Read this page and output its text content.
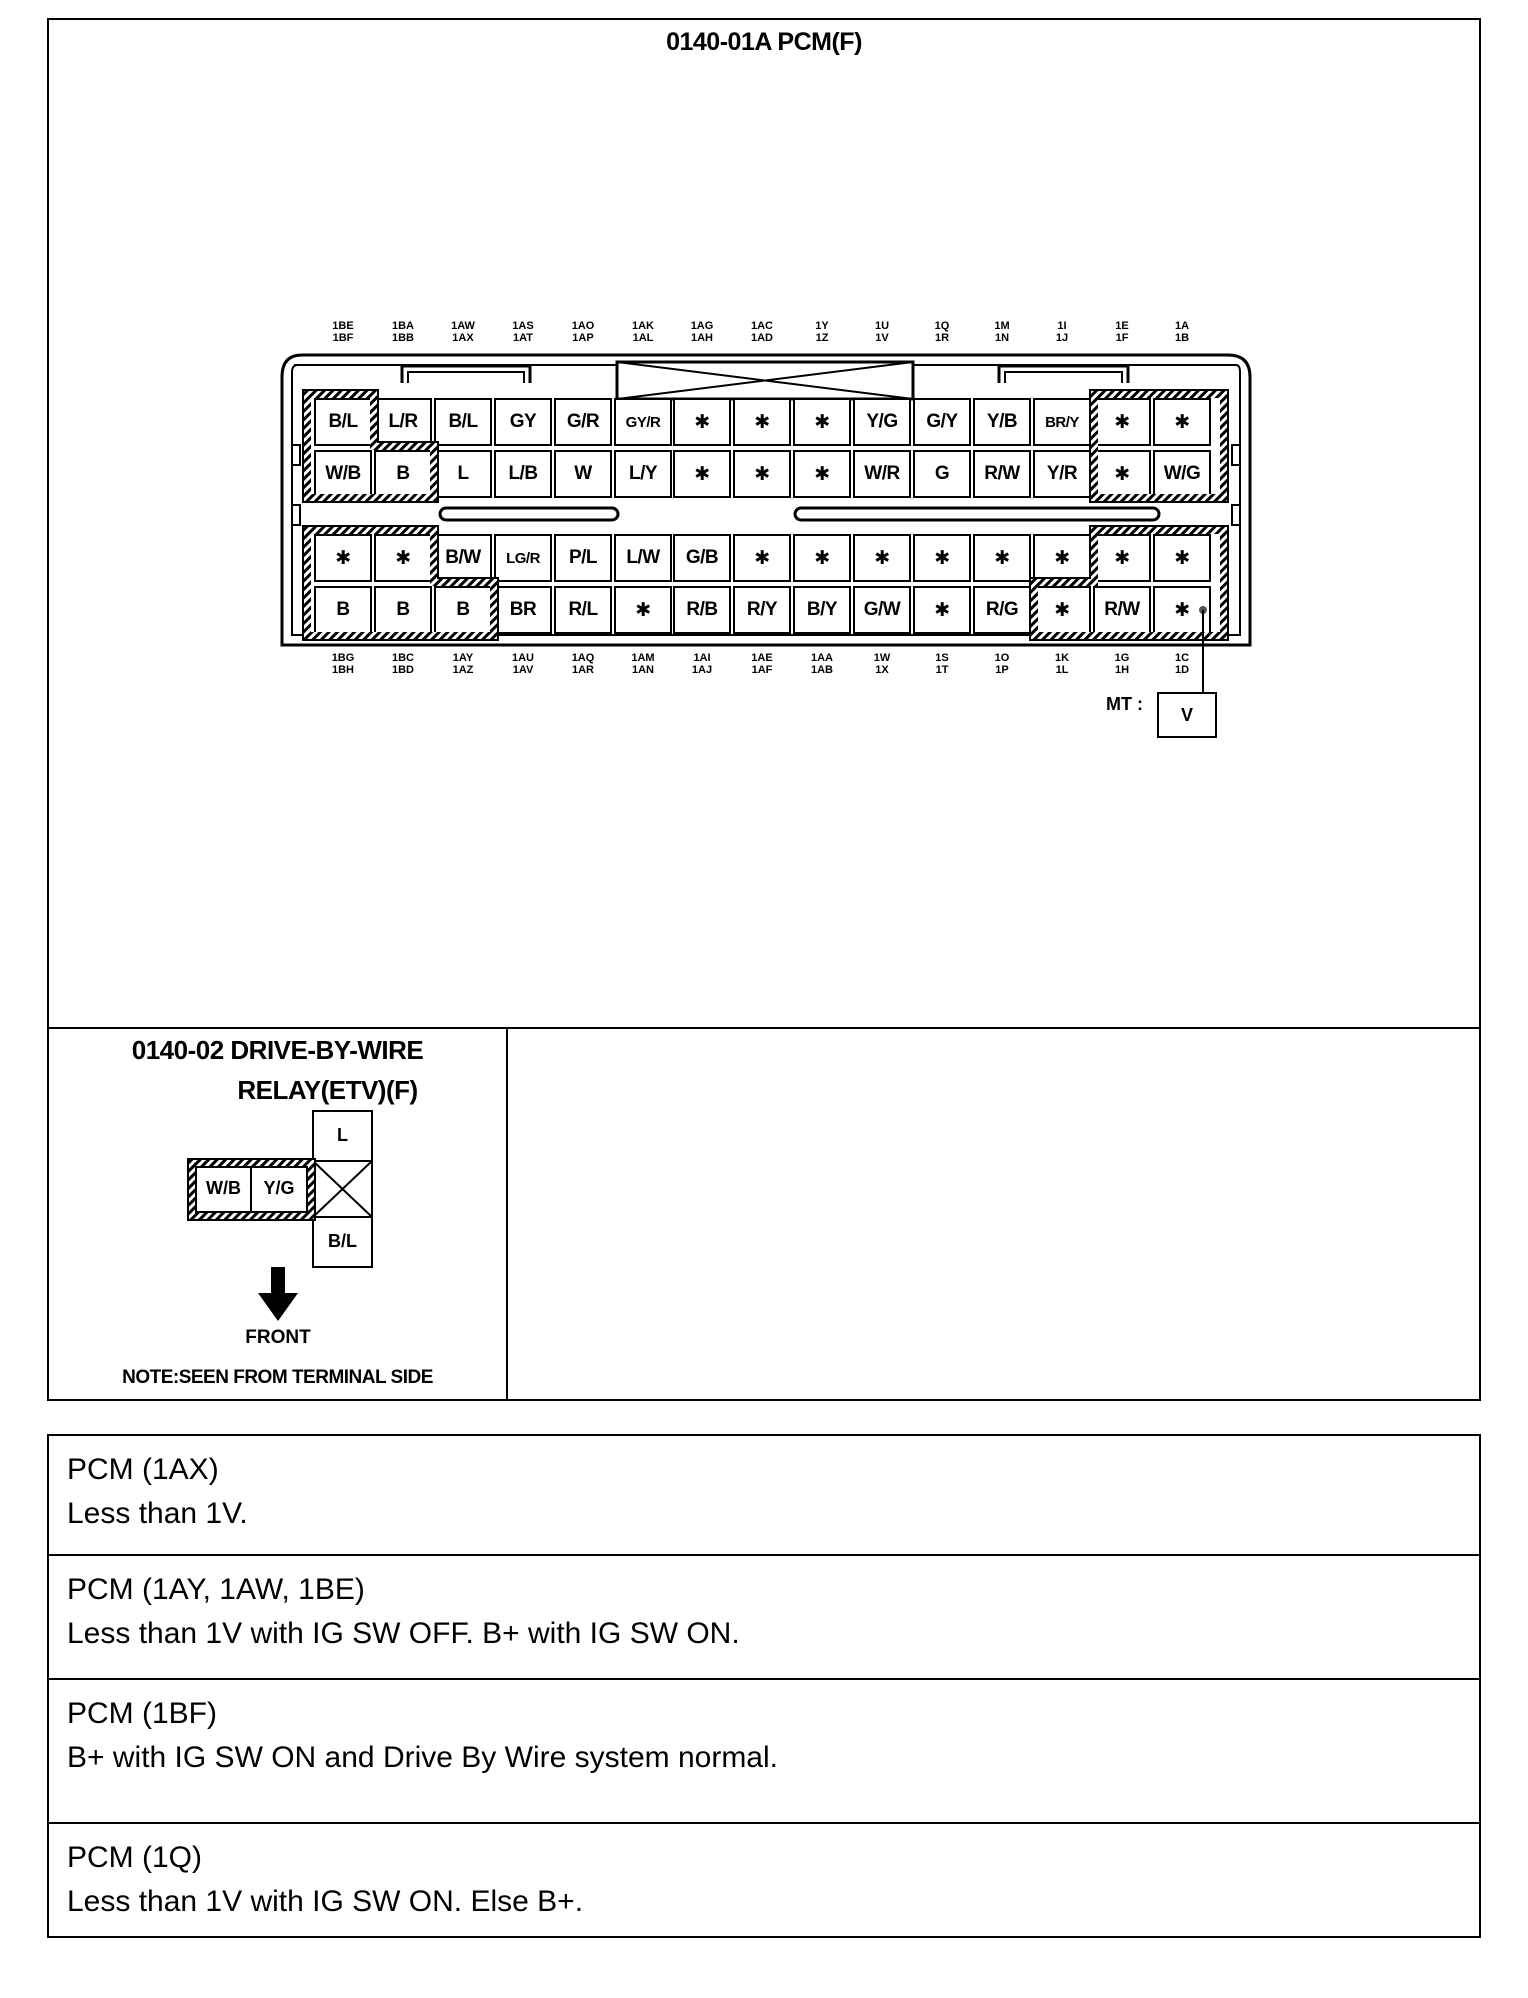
0140-01A PCM(F)
1BE
1BF
1BA
1BB
1AW
1AX
1AS
1AT
1AO
1AP
1AK
1AL
1AG
1AH
1AC
1AD
1Y
1Z
1U
1V
1Q
1R
1M
1N
1I
1J
1E
1F
1A
1B
1BG
1BH
1BC
1BD
1AY
1AZ
1AU
1AV
1AQ
1AR
1AM
1AN
1AI
1AJ
1AE
1AF
1AA
1AB
1W
1X
1S
1T
1O
1P
1K
1L
1G
1H
1C
1D
B/L	L/R	B/L	GY	G/R	GY/R	✱	✱	✱	Y/G	G/Y	Y/B	BR/Y	✱	✱
W/B	B	L	L/B	W	L/Y	✱	✱	✱	W/R	G	R/W	Y/R	✱	W/G
✱	✱	B/W	LG/R	P/L	L/W	G/B	✱	✱	✱	✱	✱	✱	✱	✱
B	B	B	BR	R/L	✱	R/B	R/Y	B/Y	G/W	✱	R/G	✱	R/W	✱
MT :
V
0140-02 DRIVE-BY-WIRE
RELAY(ETV)(F)
L
W/B	Y/G
B/L
FRONT
NOTE:SEEN FROM TERMINAL SIDE
PCM (1AX)
Less than 1V.
PCM (1AY, 1AW, 1BE)
Less than 1V with IG SW OFF. B+ with IG SW ON.
PCM (1BF)
B+ with IG SW ON and Drive By Wire system normal.
PCM (1Q)
Less than 1V with IG SW ON. Else B+.
